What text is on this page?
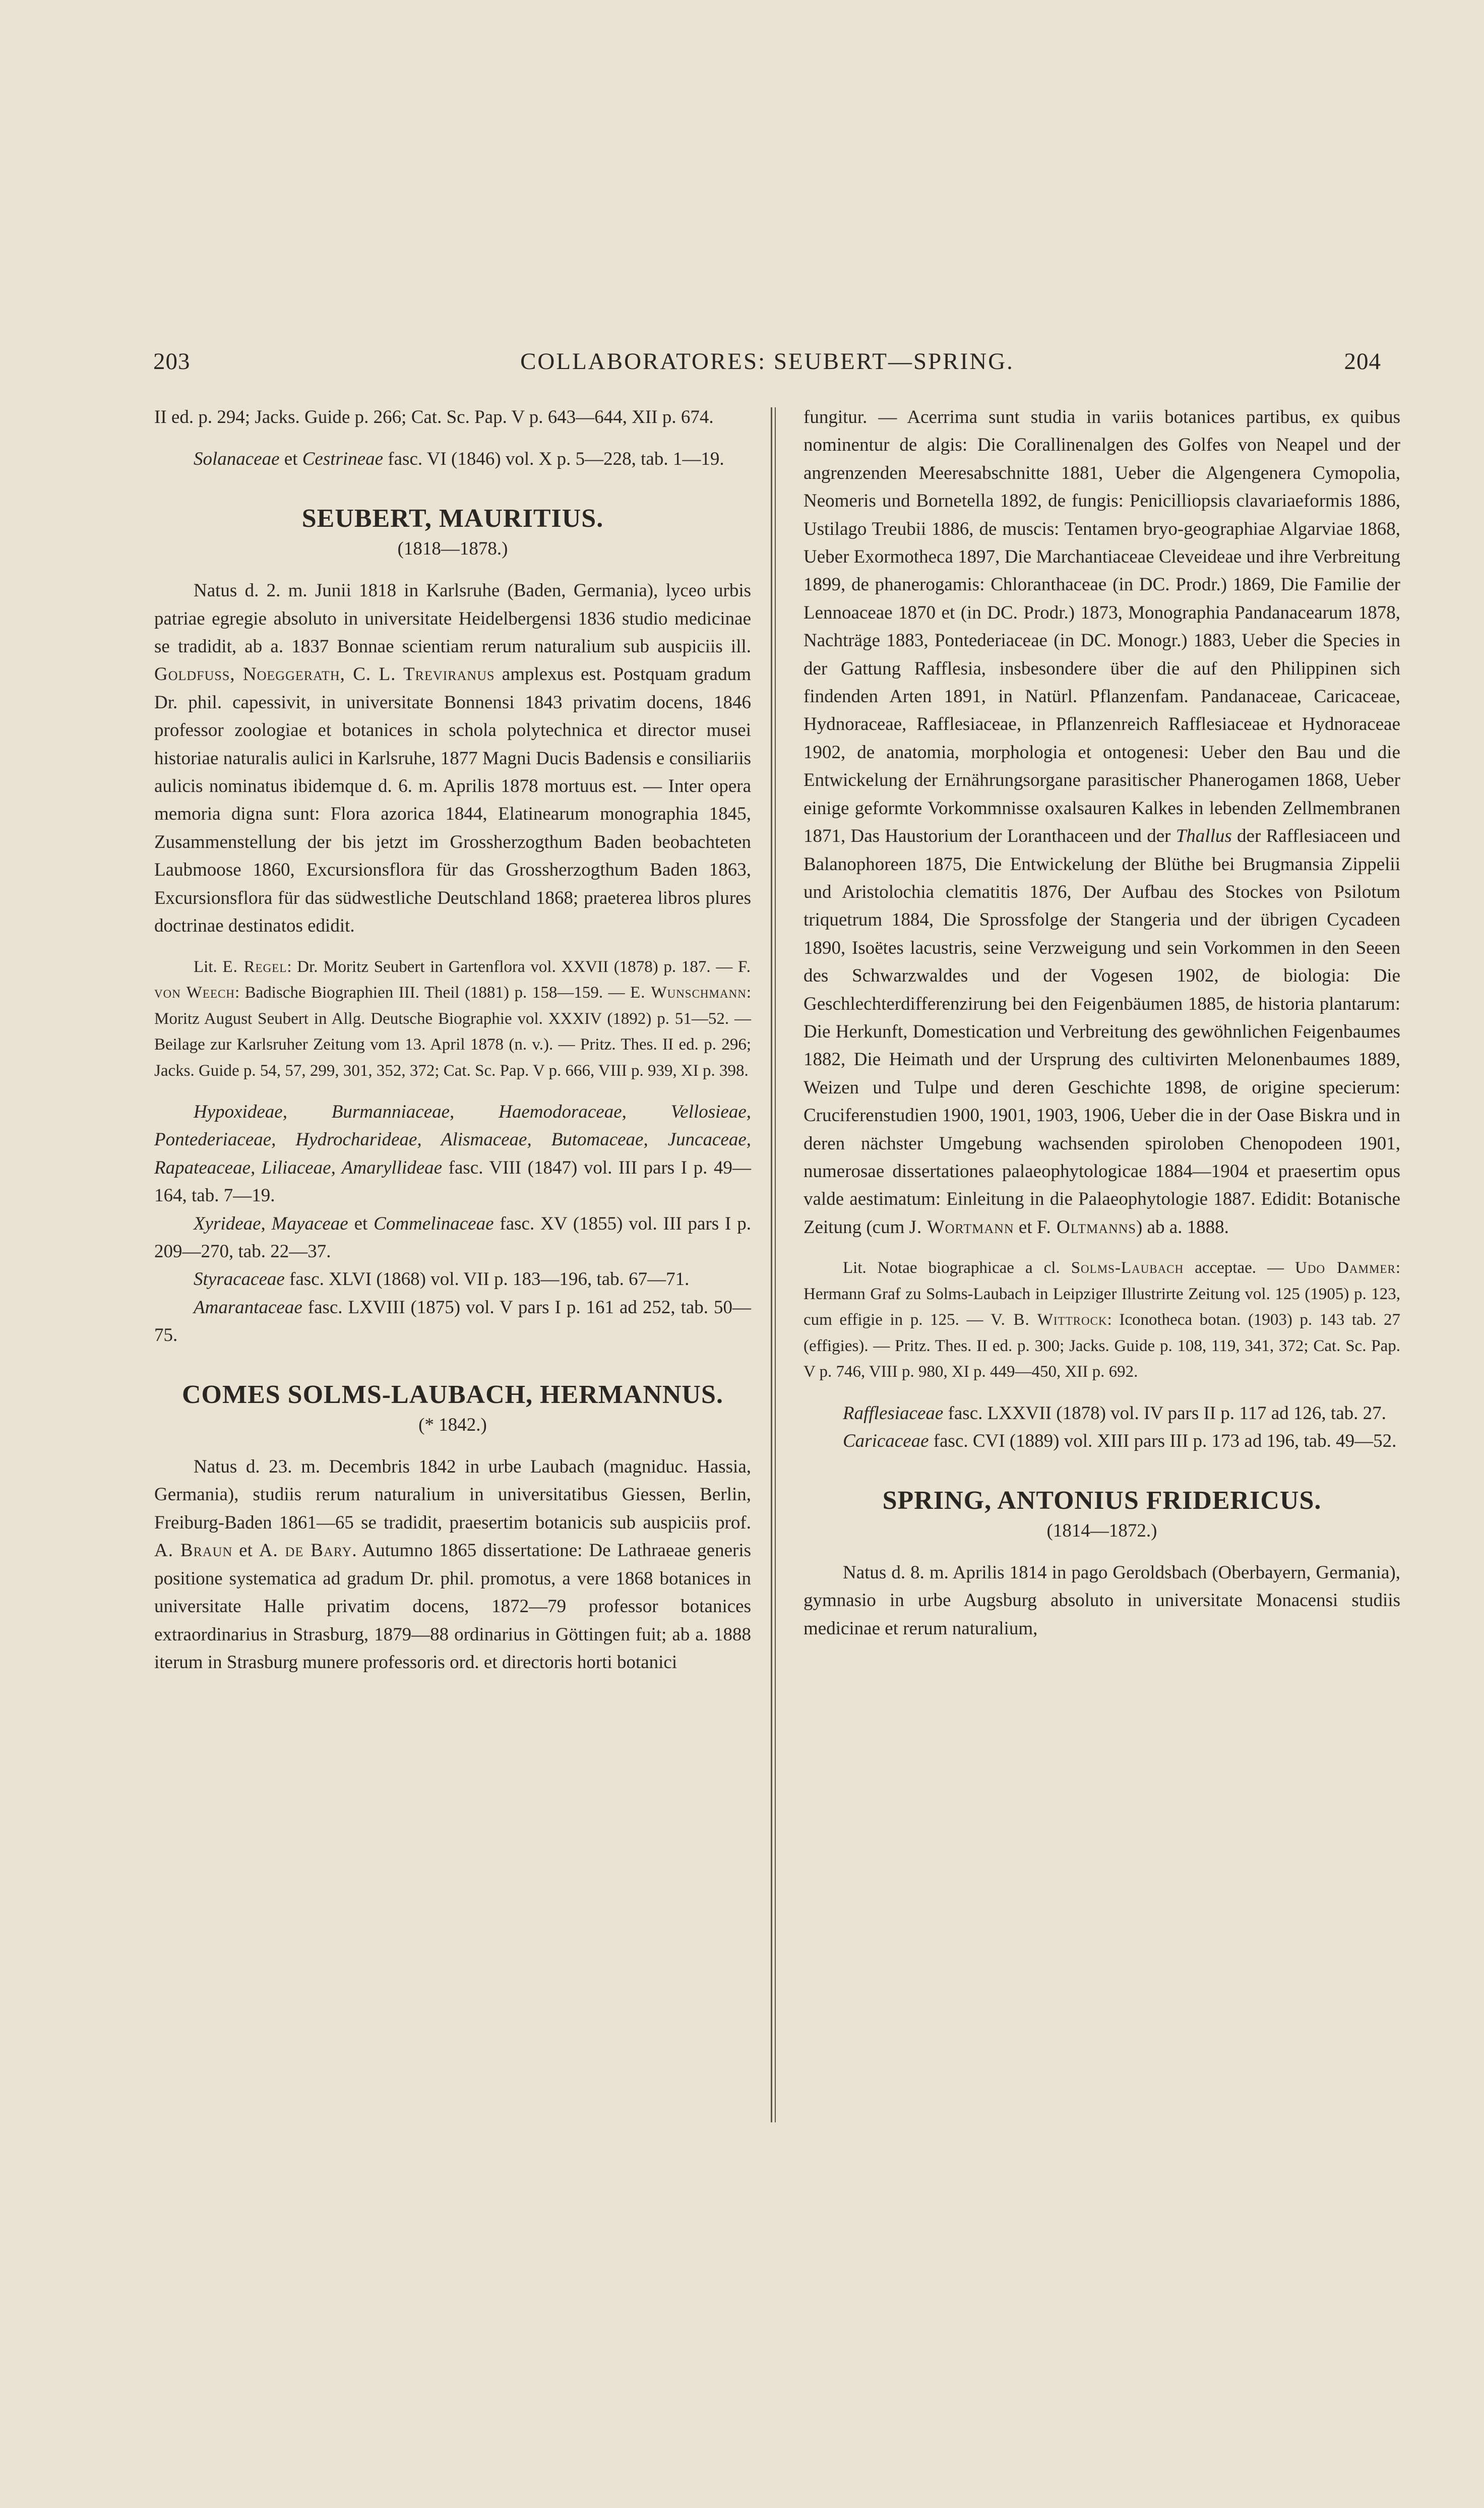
203	COLLABORATORES: SEUBERT—SPRING.	204

II ed. p. 294; Jacks. Guide p. 266; Cat. Sc. Pap. V p. 643—644, XII p. 674.

Solanaceae et Cestrineae fasc. VI (1846) vol. X p. 5—228, tab. 1—19.

SEUBERT, MAURITIUS.

(1818—1878.)

Natus d. 2. m. Junii 1818 in Karlsruhe (Baden, Germania), lyceo urbis patriae egregie absoluto in universitate Heidelbergensi 1836 studio medicinae se tradidit, ab a. 1837 Bonnae scientiam rerum naturalium sub auspiciis ill. Goldfuss, Noeggerath, C. L. Treviranus amplexus est. Postquam gradum Dr. phil. capessivit, in universitate Bonnensi 1843 privatim docens, 1846 professor zoologiae et botanices in schola polytechnica et director musei historiae naturalis aulici in Karlsruhe, 1877 Magni Ducis Badensis e consiliariis aulicis nominatus ibidemque d. 6. m. Aprilis 1878 mortuus est. — Inter opera memoria digna sunt: Flora azorica 1844, Elatinearum monographia 1845, Zusammenstellung der bis jetzt im Grossherzogthum Baden beobachteten Laubmoose 1860, Excursionsflora für das Grossherzogthum Baden 1863, Excursionsflora für das südwestliche Deutschland 1868; praeterea libros plures doctrinae destinatos edidit.

Lit. E. Regel: Dr. Moritz Seubert in Gartenflora vol. XXVII (1878) p. 187. — F. von Weech: Badische Biographien III. Theil (1881) p. 158—159. — E. Wunschmann: Moritz August Seubert in Allg. Deutsche Biographie vol. XXXIV (1892) p. 51—52. — Beilage zur Karlsruher Zeitung vom 13. April 1878 (n. v.). — Pritz. Thes. II ed. p. 296; Jacks. Guide p. 54, 57, 299, 301, 352, 372; Cat. Sc. Pap. V p. 666, VIII p. 939, XI p. 398.

Hypoxideae, Burmanniaceae, Haemodoraceae, Vellosieae, Pontederiaceae, Hydrocharideae, Alismaceae, Butomaceae, Juncaceae, Rapateaceae, Liliaceae, Amaryllideae fasc. VIII (1847) vol. III pars I p. 49—164, tab. 7—19.

Xyrideae, Mayaceae et Commelinaceae fasc. XV (1855) vol. III pars I p. 209—270, tab. 22—37.

Styracaceae fasc. XLVI (1868) vol. VII p. 183—196, tab. 67—71.

Amarantaceae fasc. LXVIII (1875) vol. V pars I p. 161 ad 252, tab. 50—75.

COMES SOLMS-LAUBACH, HERMANNUS.

(* 1842.)

Natus d. 23. m. Decembris 1842 in urbe Laubach (magniduc. Hassia, Germania), studiis rerum naturalium in universitatibus Giessen, Berlin, Freiburg-Baden 1861—65 se tradidit, praesertim botanicis sub auspiciis prof. A. Braun et A. de Bary. Autumno 1865 dissertatione: De Lathraeae generis positione systematica ad gradum Dr. phil. promotus, a vere 1868 botanices in universitate Halle privatim docens, 1872—79 professor botanices extraordinarius in Strasburg, 1879—88 ordinarius in Göttingen fuit; ab a. 1888 iterum in Strasburg munere professoris ord. et directoris horti botanici

fungitur. — Acerrima sunt studia in variis botanices partibus, ex quibus nominentur de algis: Die Corallinenalgen des Golfes von Neapel und der angrenzenden Meeresabschnitte 1881, Ueber die Algengenera Cymopolia, Neomeris und Bornetella 1892, de fungis: Penicilliopsis clavariaeformis 1886, Ustilago Treubii 1886, de muscis: Tentamen bryo-geographiae Algarviae 1868, Ueber Exormotheca 1897, Die Marchantiaceae Cleveideae und ihre Verbreitung 1899, de phanerogamis: Chloranthaceae (in DC. Prodr.) 1869, Die Familie der Lennoaceae 1870 et (in DC. Prodr.) 1873, Monographia Pandanacearum 1878, Nachträge 1883, Pontederiaceae (in DC. Monogr.) 1883, Ueber die Species in der Gattung Rafflesia, insbesondere über die auf den Philippinen sich findenden Arten 1891, in Natürl. Pflanzenfam. Pandanaceae, Caricaceae, Hydnoraceae, Rafflesiaceae, in Pflanzenreich Rafflesiaceae et Hydnoraceae 1902, de anatomia, morphologia et ontogenesi: Ueber den Bau und die Entwickelung der Ernährungsorgane parasitischer Phanerogamen 1868, Ueber einige geformte Vorkommnisse oxalsauren Kalkes in lebenden Zellmembranen 1871, Das Haustorium der Loranthaceen und der Thallus der Rafflesiaceen und Balanophoreen 1875, Die Entwickelung der Blüthe bei Brugmansia Zippelii und Aristolochia clematitis 1876, Der Aufbau des Stockes von Psilotum triquetrum 1884, Die Sprossfolge der Stangeria und der übrigen Cycadeen 1890, Isoëtes lacustris, seine Verzweigung und sein Vorkommen in den Seeen des Schwarzwaldes und der Vogesen 1902, de biologia: Die Geschlechterdifferenzirung bei den Feigenbäumen 1885, de historia plantarum: Die Herkunft, Domestication und Verbreitung des gewöhnlichen Feigenbaumes 1882, Die Heimath und der Ursprung des cultivirten Melonenbaumes 1889, Weizen und Tulpe und deren Geschichte 1898, de origine specierum: Cruciferenstudien 1900, 1901, 1903, 1906, Ueber die in der Oase Biskra und in deren nächster Umgebung wachsenden spiroloben Chenopodeen 1901, numerosae dissertationes palaeophytologicae 1884—1904 et praesertim opus valde aestimatum: Einleitung in die Palaeophytologie 1887. Edidit: Botanische Zeitung (cum J. Wortmann et F. Oltmanns) ab a. 1888.

Lit. Notae biographicae a cl. Solms-Laubach acceptae. — Udo Dammer: Hermann Graf zu Solms-Laubach in Leipziger Illustrirte Zeitung vol. 125 (1905) p. 123, cum effigie in p. 125. — V. B. Wittrock: Iconotheca botan. (1903) p. 143 tab. 27 (effigies). — Pritz. Thes. II ed. p. 300; Jacks. Guide p. 108, 119, 341, 372; Cat. Sc. Pap. V p. 746, VIII p. 980, XI p. 449—450, XII p. 692.

Rafflesiaceae fasc. LXXVII (1878) vol. IV pars II p. 117 ad 126, tab. 27.

Caricaceae fasc. CVI (1889) vol. XIII pars III p. 173 ad 196, tab. 49—52.

SPRING, ANTONIUS FRIDERICUS.

(1814—1872.)

Natus d. 8. m. Aprilis 1814 in pago Geroldsbach (Oberbayern, Germania), gymnasio in urbe Augsburg absoluto in universitate Monacensi studiis medicinae et rerum naturalium,
